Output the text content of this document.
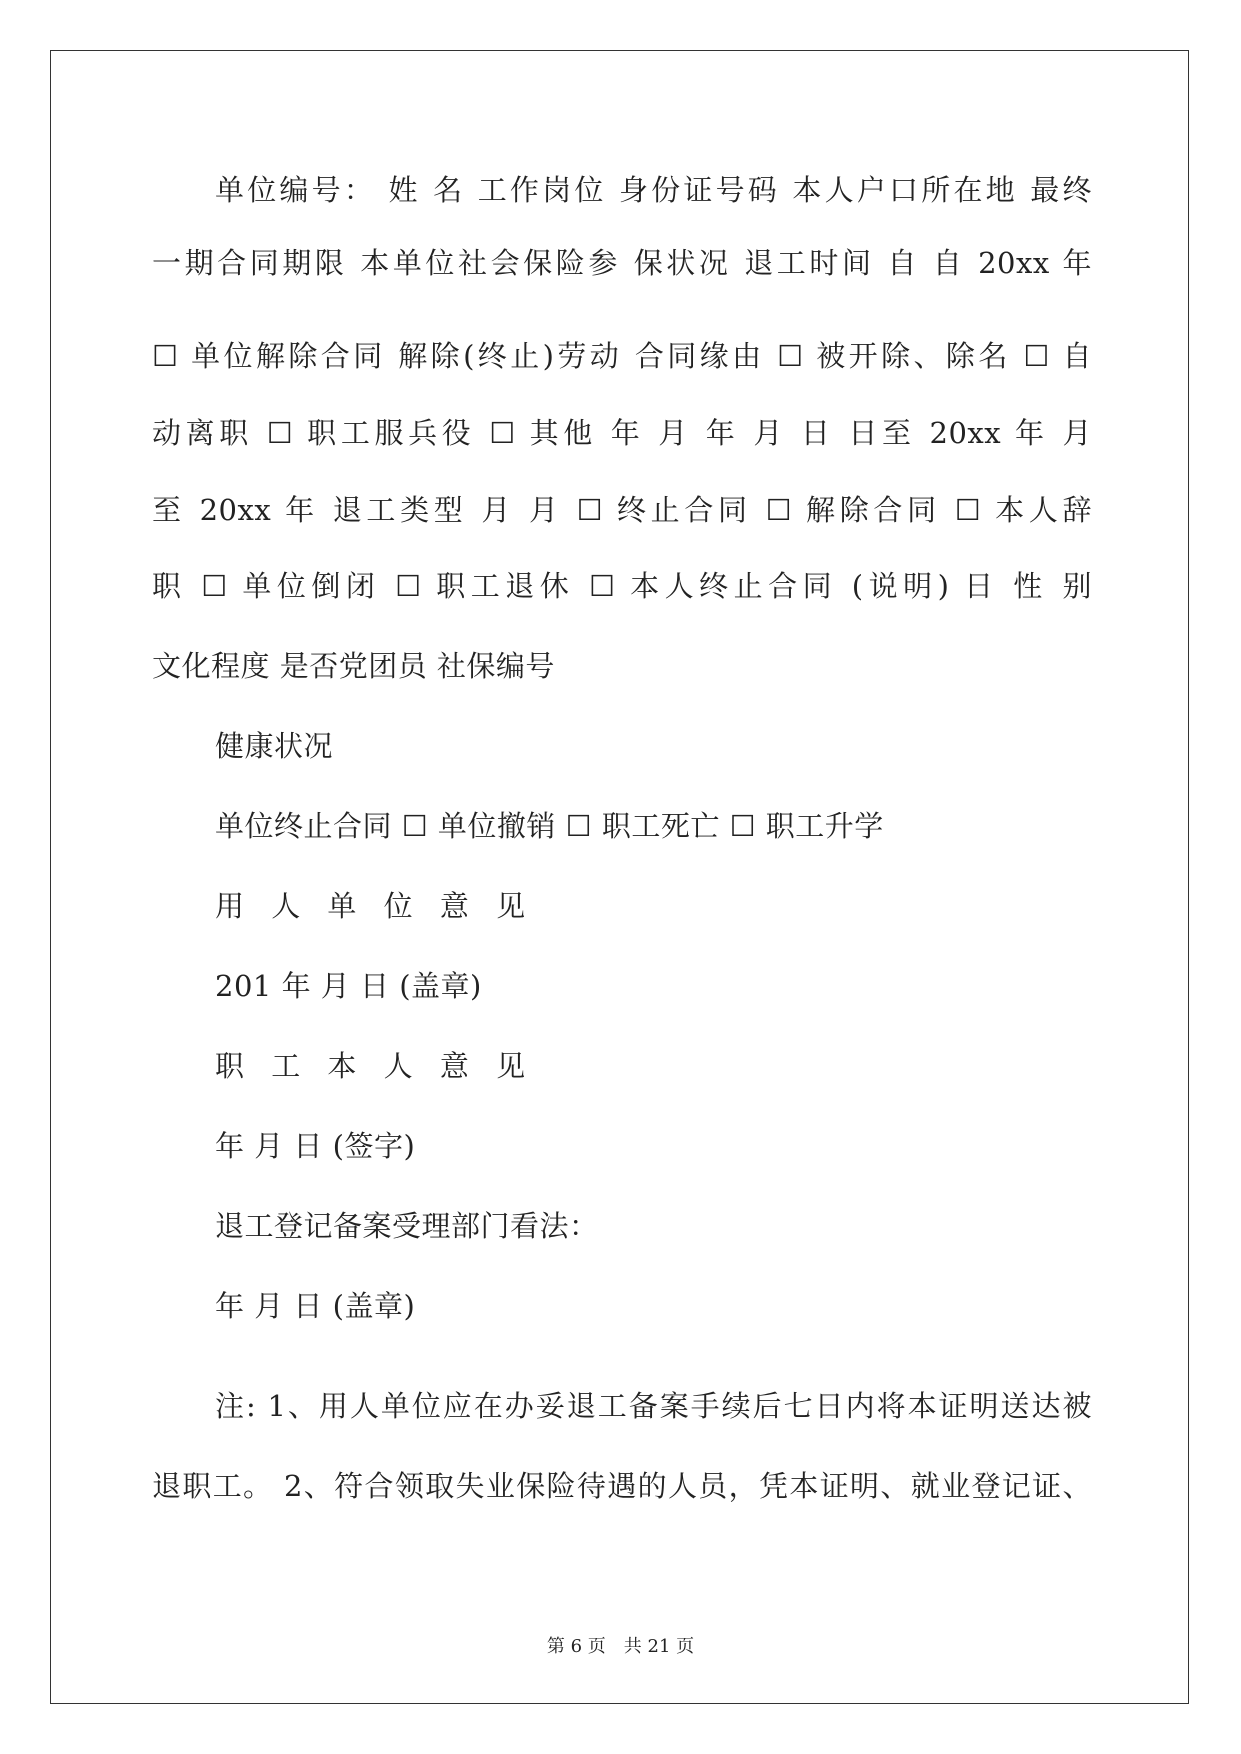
单位编号： 姓 名 工作岗位 身份证号码 本人户口所在地 最终
一期合同期限 本单位社会保险参 保状况 退工时间 自 自 20xx 年
☐ 单位解除合同 解除(终止)劳动 合同缘由 ☐ 被开除、除名 ☐ 自
动离职 ☐ 职工服兵役 ☐ 其他 年 月 年 月 日 日至 20xx 年 月
至 20xx 年 退工类型 月 月 ☐ 终止合同 ☐ 解除合同 ☐ 本人辞
职 ☐ 单位倒闭 ☐ 职工退休 ☐ 本人终止合同 (说明) 日 性 别
文化程度 是否党团员 社保编号
健康状况
单位终止合同 ☐ 单位撤销 ☐ 职工死亡 ☐ 职工升学
用 人 单 位 意 见
201 年 月 日 (盖章)
职 工 本 人 意 见
年 月 日 (签字)
退工登记备案受理部门看法：
年 月 日 (盖章)
注: 1、用人单位应在办妥退工备案手续后七日内将本证明送达被
退职工。 2、符合领取失业保险待遇的人员，凭本证明、就业登记证、
第 6 页　共 21 页
